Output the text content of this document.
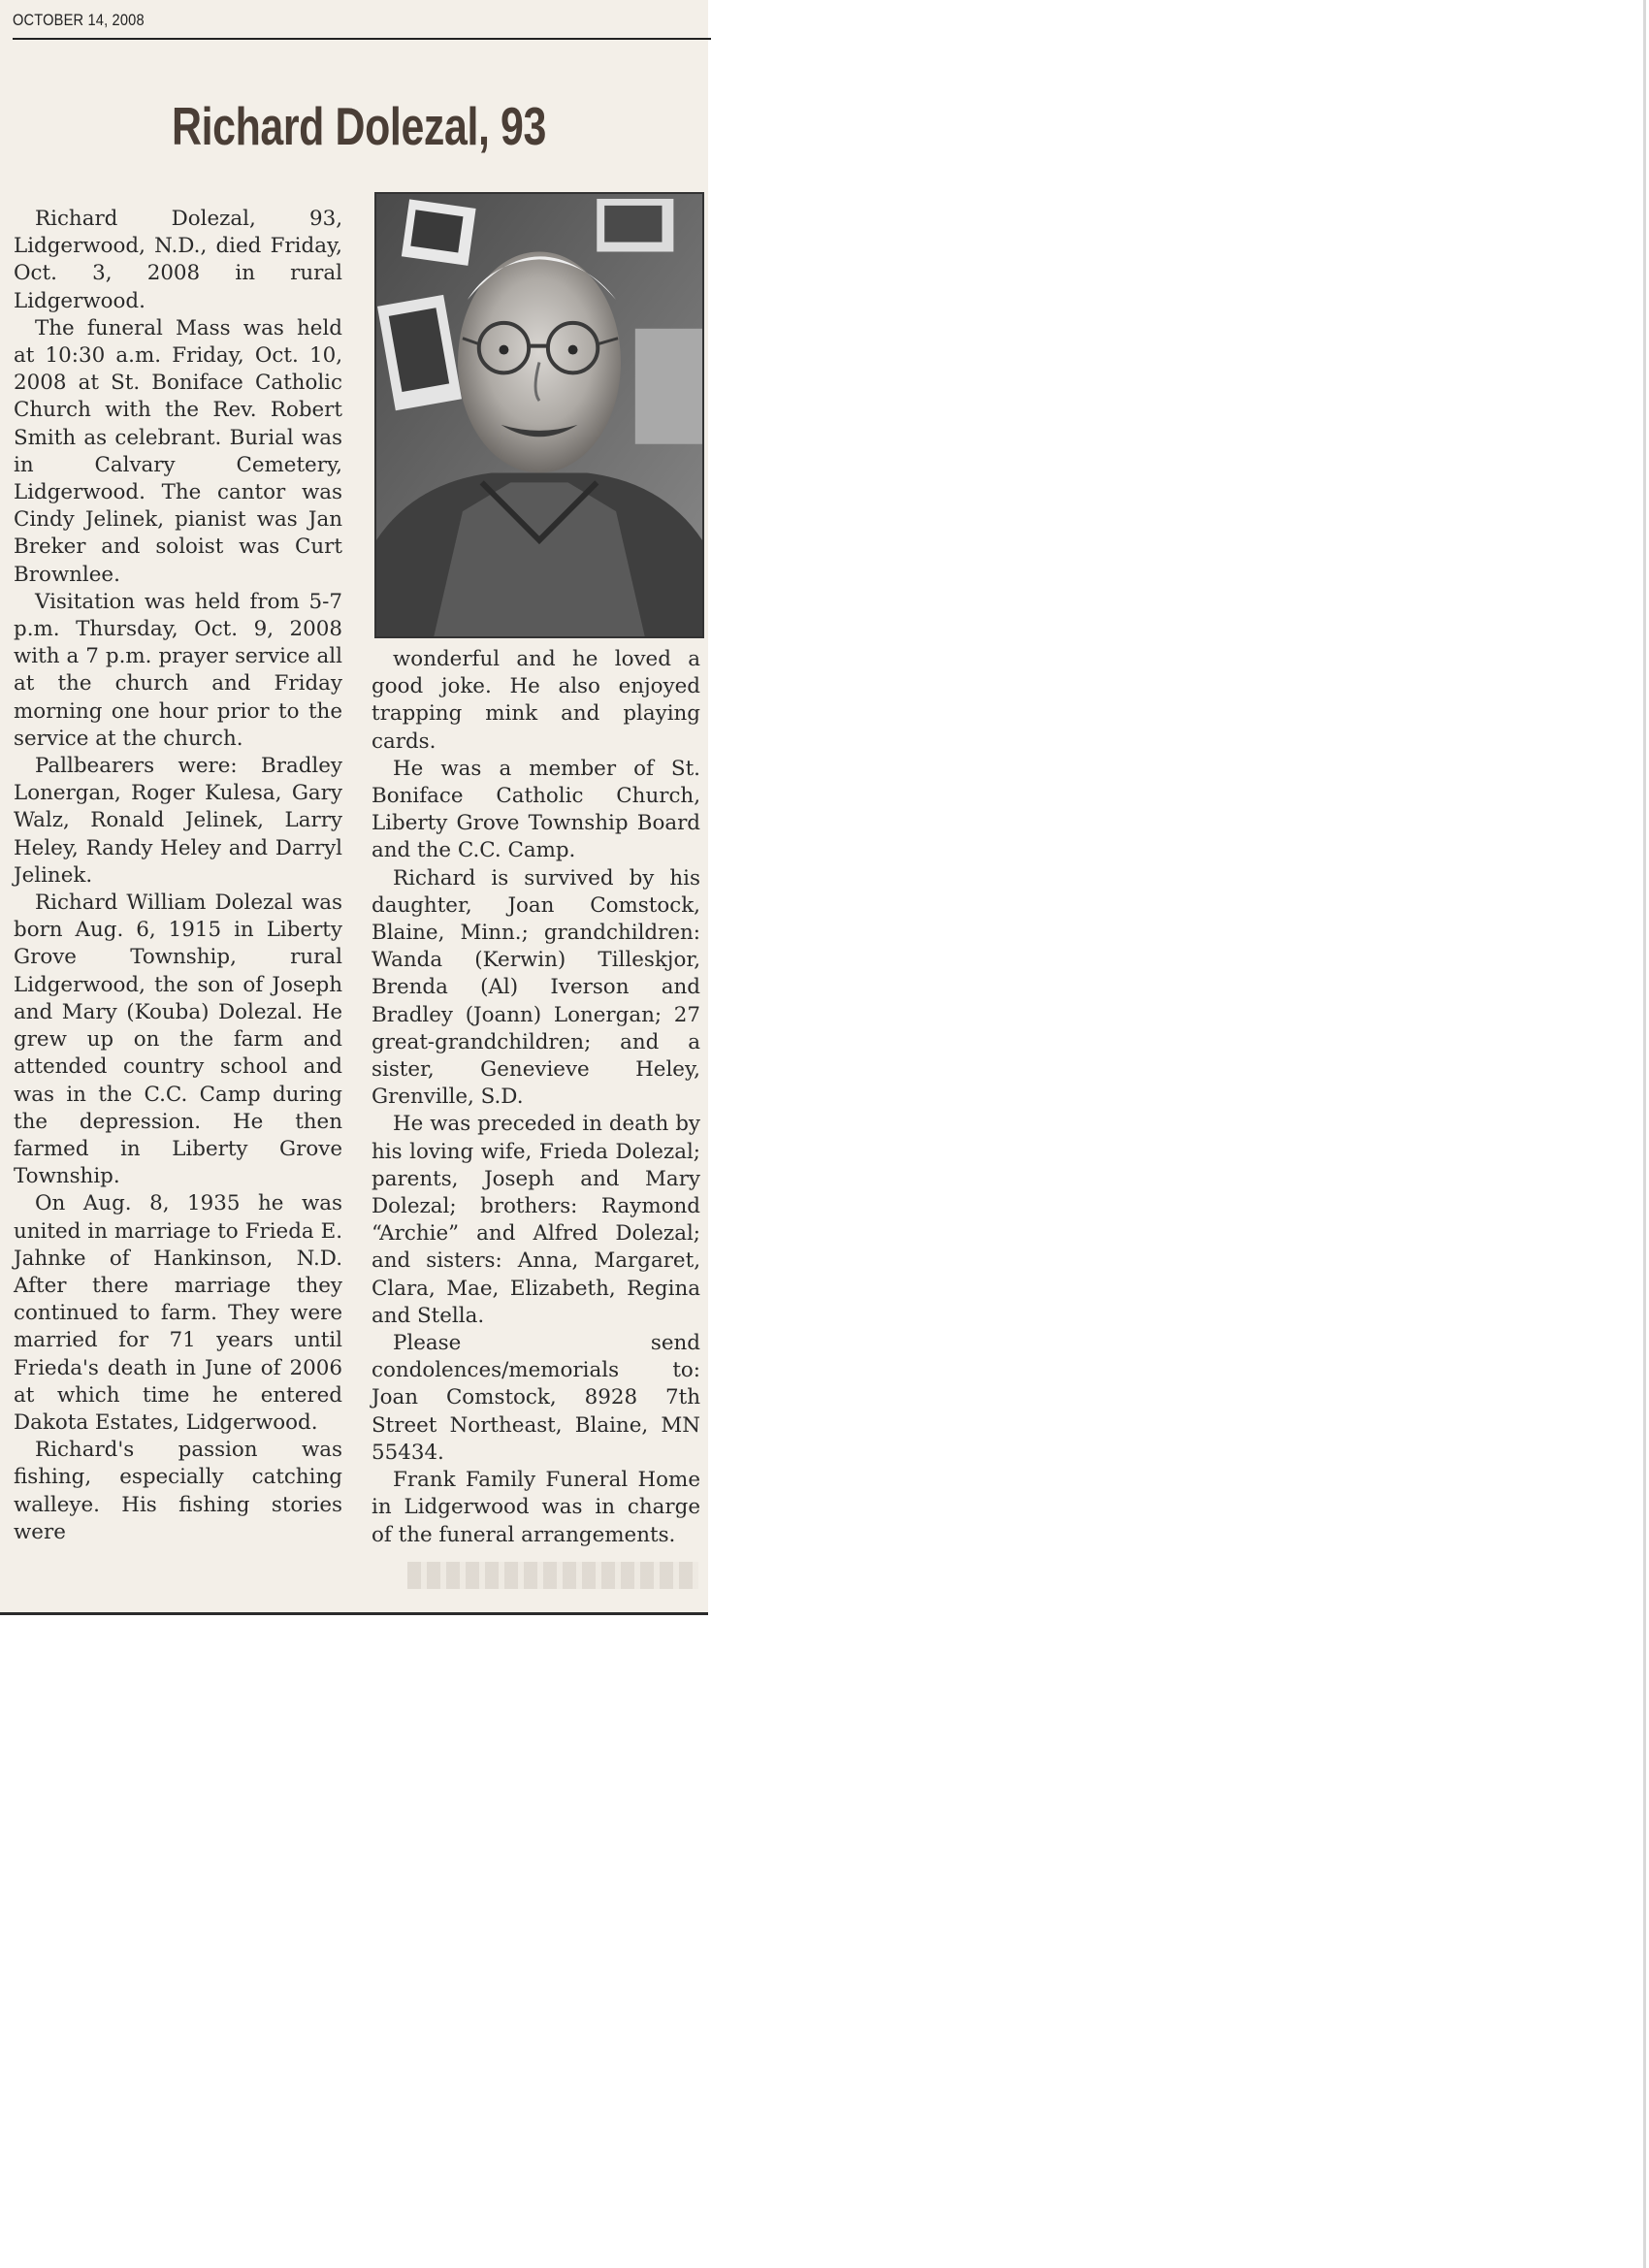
OCTOBER 14, 2008
Richard Dolezal, 93

Richard Dolezal, 93, Lidgerwood, N.D., died Friday, Oct. 3, 2008 in rural Lidgerwood.

The funeral Mass was held at 10:30 a.m. Friday, Oct. 10, 2008 at St. Boniface Catholic Church with the Rev. Robert Smith as celebrant. Burial was in Calvary Cemetery, Lidgerwood. The cantor was Cindy Jelinek, pianist was Jan Breker and soloist was Curt Brownlee.

Visitation was held from 5-7 p.m. Thursday, Oct. 9, 2008 with a 7 p.m. prayer service all at the church and Friday morning one hour prior to the service at the church.

Pallbearers were: Bradley Lonergan, Roger Kulesa, Gary Walz, Ronald Jelinek, Larry Heley, Randy Heley and Darryl Jelinek.

Richard William Dolezal was born Aug. 6, 1915 in Liberty Grove Township, rural Lidgerwood, the son of Joseph and Mary (Kouba) Dolezal. He grew up on the farm and attended country school and was in the C.C. Camp during the depression. He then farmed in Liberty Grove Township.

On Aug. 8, 1935 he was united in marriage to Frieda E. Jahnke of Hankinson, N.D. After there marriage they continued to farm. They were married for 71 years until Frieda's death in June of 2006 at which time he entered Dakota Estates, Lidgerwood.

Richard's passion was fishing, especially catching walleye. His fishing stories were

wonderful and he loved a good joke. He also enjoyed trapping mink and playing cards.

He was a member of St. Boniface Catholic Church, Liberty Grove Township Board and the C.C. Camp.

Richard is survived by his daughter, Joan Comstock, Blaine, Minn.; grandchildren: Wanda (Kerwin) Tilleskjor, Brenda (Al) Iverson and Bradley (Joann) Lonergan; 27 great-grandchildren; and a sister, Genevieve Heley, Grenville, S.D.

He was preceded in death by his loving wife, Frieda Dolezal; parents, Joseph and Mary Dolezal; brothers: Raymond “Archie” and Alfred Dolezal; and sisters: Anna, Margaret, Clara, Mae, Elizabeth, Regina and Stella.

Please send condolences/memorials to: Joan Comstock, 8928 7th Street Northeast, Blaine, MN 55434.

Frank Family Funeral Home in Lidgerwood was in charge of the funeral arrangements.
